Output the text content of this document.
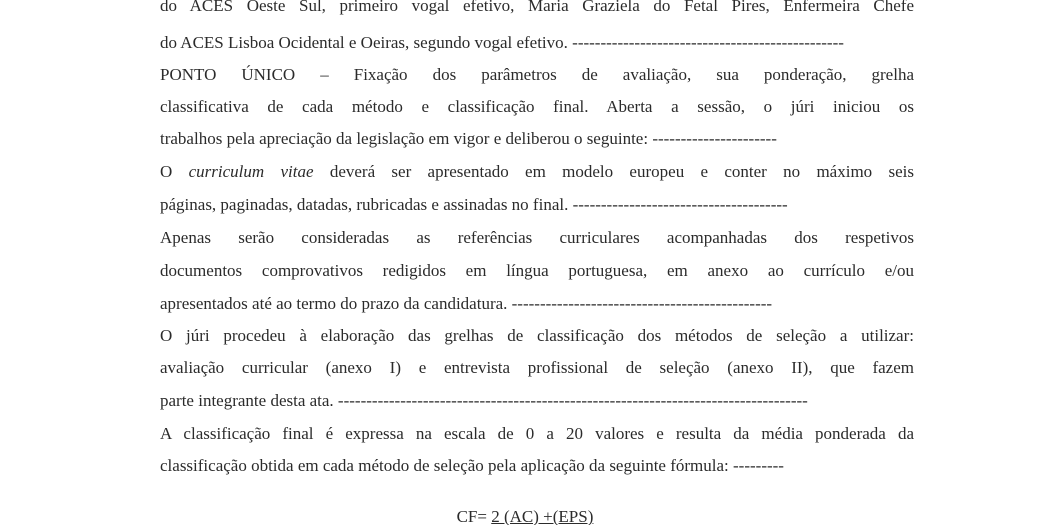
do ACES Oeste Sul, primeiro vogal efetivo, Maria Graziela do Fetal Pires, Enfermeira Chefe
do ACES Lisboa Ocidental e Oeiras, segundo vogal efetivo. ------------------------------------------------
PONTO ÚNICO – Fixação dos parâmetros de avaliação, sua ponderação, grelha
classificativa de cada método e classificação final. Aberta a sessão, o júri iniciou os
trabalhos pela apreciação da legislação em vigor e deliberou o seguinte: ----------------------
O curriculum vitae deverá ser apresentado em modelo europeu e conter no máximo seis
páginas, paginadas, datadas, rubricadas e assinadas no final. --------------------------------------
Apenas serão consideradas as referências curriculares acompanhadas dos respetivos
documentos comprovativos redigidos em língua portuguesa, em anexo ao currículo e/ou
apresentados até ao termo do prazo da candidatura. ----------------------------------------------
O júri procedeu à elaboração das grelhas de classificação dos métodos de seleção a utilizar:
avaliação curricular (anexo I) e entrevista profissional de seleção (anexo II), que fazem
parte integrante desta ata. -----------------------------------------------------------------------------------
A classificação final é expressa na escala de 0 a 20 valores e resulta da média ponderada da
classificação obtida em cada método de seleção pela aplicação da seguinte fórmula: ---------
CF= 2 (AC) +(EPS)
